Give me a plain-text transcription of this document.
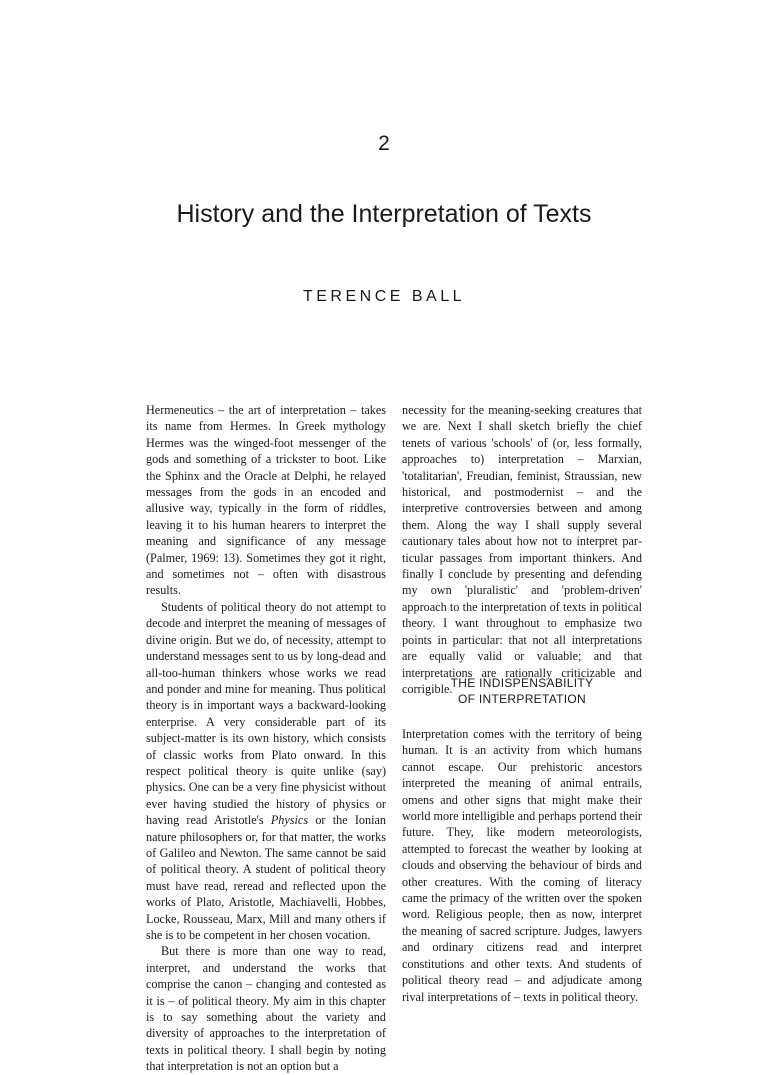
2
History and the Interpretation of Texts
TERENCE BALL

Hermeneutics – the art of interpretation – takes its name from Hermes. In Greek mythology Hermes was the winged-foot messenger of the gods and something of a trickster to boot. Like the Sphinx and the Oracle at Delphi, he relayed messages from the gods in an encoded and allusive way, typically in the form of riddles, leaving it to his human hearers to interpret the meaning and significance of any message (Palmer, 1969: 13). Sometimes they got it right, and sometimes not – often with disastrous results.

Students of political theory do not attempt to decode and interpret the meaning of messages of divine origin. But we do, of necessity, attempt to understand messages sent to us by long-dead and all-too-human thinkers whose works we read and ponder and mine for meaning. Thus political theory is in important ways a backward-looking enterprise. A very considerable part of its subject-matter is its own history, which consists of classic works from Plato onward. In this respect political theory is quite unlike (say) physics. One can be a very fine physicist without ever having studied the history of physics or having read Aristotle's Physics or the Ionian nature philosophers or, for that matter, the works of Galileo and Newton. The same cannot be said of political theory. A student of political theory must have read, reread and reflected upon the works of Plato, Aristotle, Machiavelli, Hobbes, Locke, Rousseau, Marx, Mill and many others if she is to be competent in her chosen vocation.

But there is more than one way to read, interpret, and understand the works that comprise the canon – changing and contested as it is – of political theory. My aim in this chapter is to say something about the variety and diversity of approaches to the interpretation of texts in political theory. I shall begin by noting that interpretation is not an option but a

necessity for the meaning-seeking creatures that we are. Next I shall sketch briefly the chief tenets of various 'schools' of (or, less formally, approaches to) interpretation – Marxian, 'totalitarian', Freudian, feminist, Straussian, new historical, and postmodernist – and the interpretive controversies between and among them. Along the way I shall supply several cautionary tales about how not to interpret particular passages from important thinkers. And finally I conclude by presenting and defending my own 'pluralistic' and 'problem-driven' approach to the interpretation of texts in political theory. I want throughout to emphasize two points in particular: that not all interpretations are equally valid or valuable; and that interpretations are rationally criticizable and corrigible.

THE INDISPENSABILITY
OF INTERPRETATION

Interpretation comes with the territory of being human. It is an activity from which humans cannot escape. Our prehistoric ancestors interpreted the meaning of animal entrails, omens and other signs that might make their world more intelligible and perhaps portend their future. They, like modern meteorologists, attempted to forecast the weather by looking at clouds and observing the behaviour of birds and other creatures. With the coming of literacy came the primacy of the written over the spoken word. Religious people, then as now, interpret the meaning of sacred scripture. Judges, lawyers and ordinary citizens read and interpret constitutions and other texts. And students of political theory read – and adjudicate among rival interpretations of – texts in political theory.
